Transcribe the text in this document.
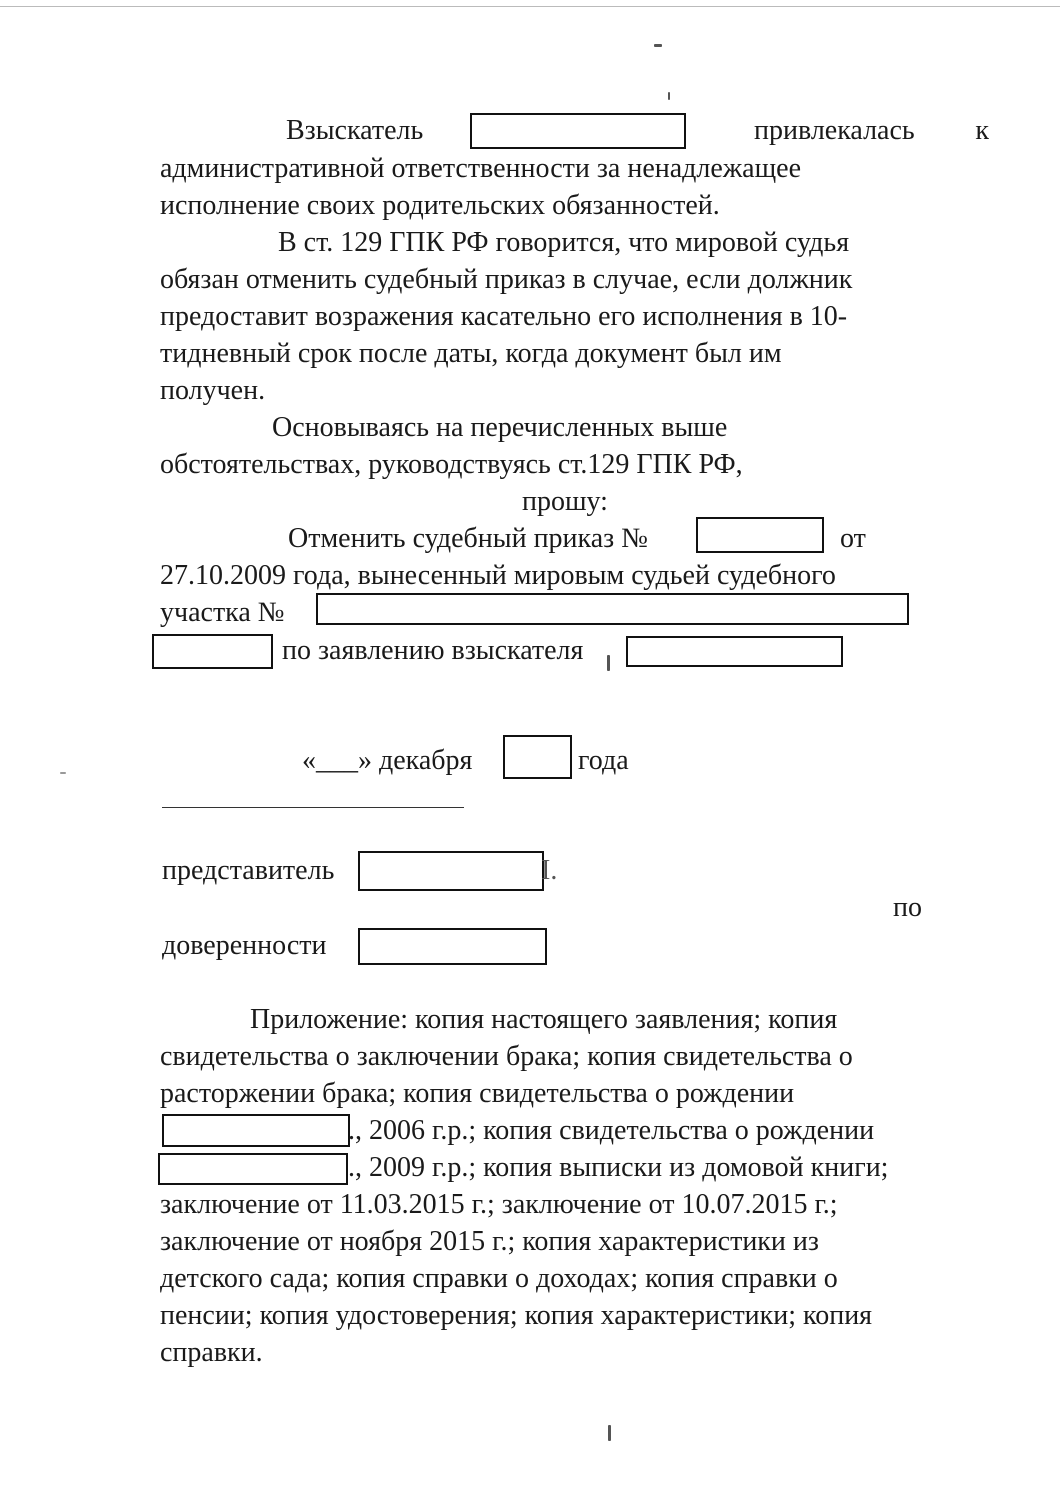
Взыскатель	привлекалась к
административной ответственности за ненадлежащее
исполнение своих родительских обязанностей.
В ст. 129 ГПК РФ говорится, что мировой судья
обязан отменить судебный приказ в случае, если должник
предоставит возражения касательно его исполнения в 10-
тидневный срок после даты, когда документ был им
получен.
Основываясь на перечисленных выше
обстоятельствах, руководствуясь ст.129 ГПК РФ,
прошу:
Отменить судебный приказ №	от
27.10.2009 года, вынесенный мировым судьей судебного
участка №
по заявлению взыскателя
«___» декабря	года
представитель	I.
по
доверенности
Приложение: копия настоящего заявления; копия
свидетельства о заключении брака; копия свидетельства о
расторжении брака; копия свидетельства о рождении
., 2006 г.р.; копия свидетельства о рождении
., 2009 г.р.; копия выписки из домовой книги;
заключение от 11.03.2015 г.; заключение от 10.07.2015 г.;
заключение от ноября 2015 г.; копия характеристики из
детского сада; копия справки о доходах; копия справки о
пенсии; копия удостоверения; копия характеристики; копия
справки.
